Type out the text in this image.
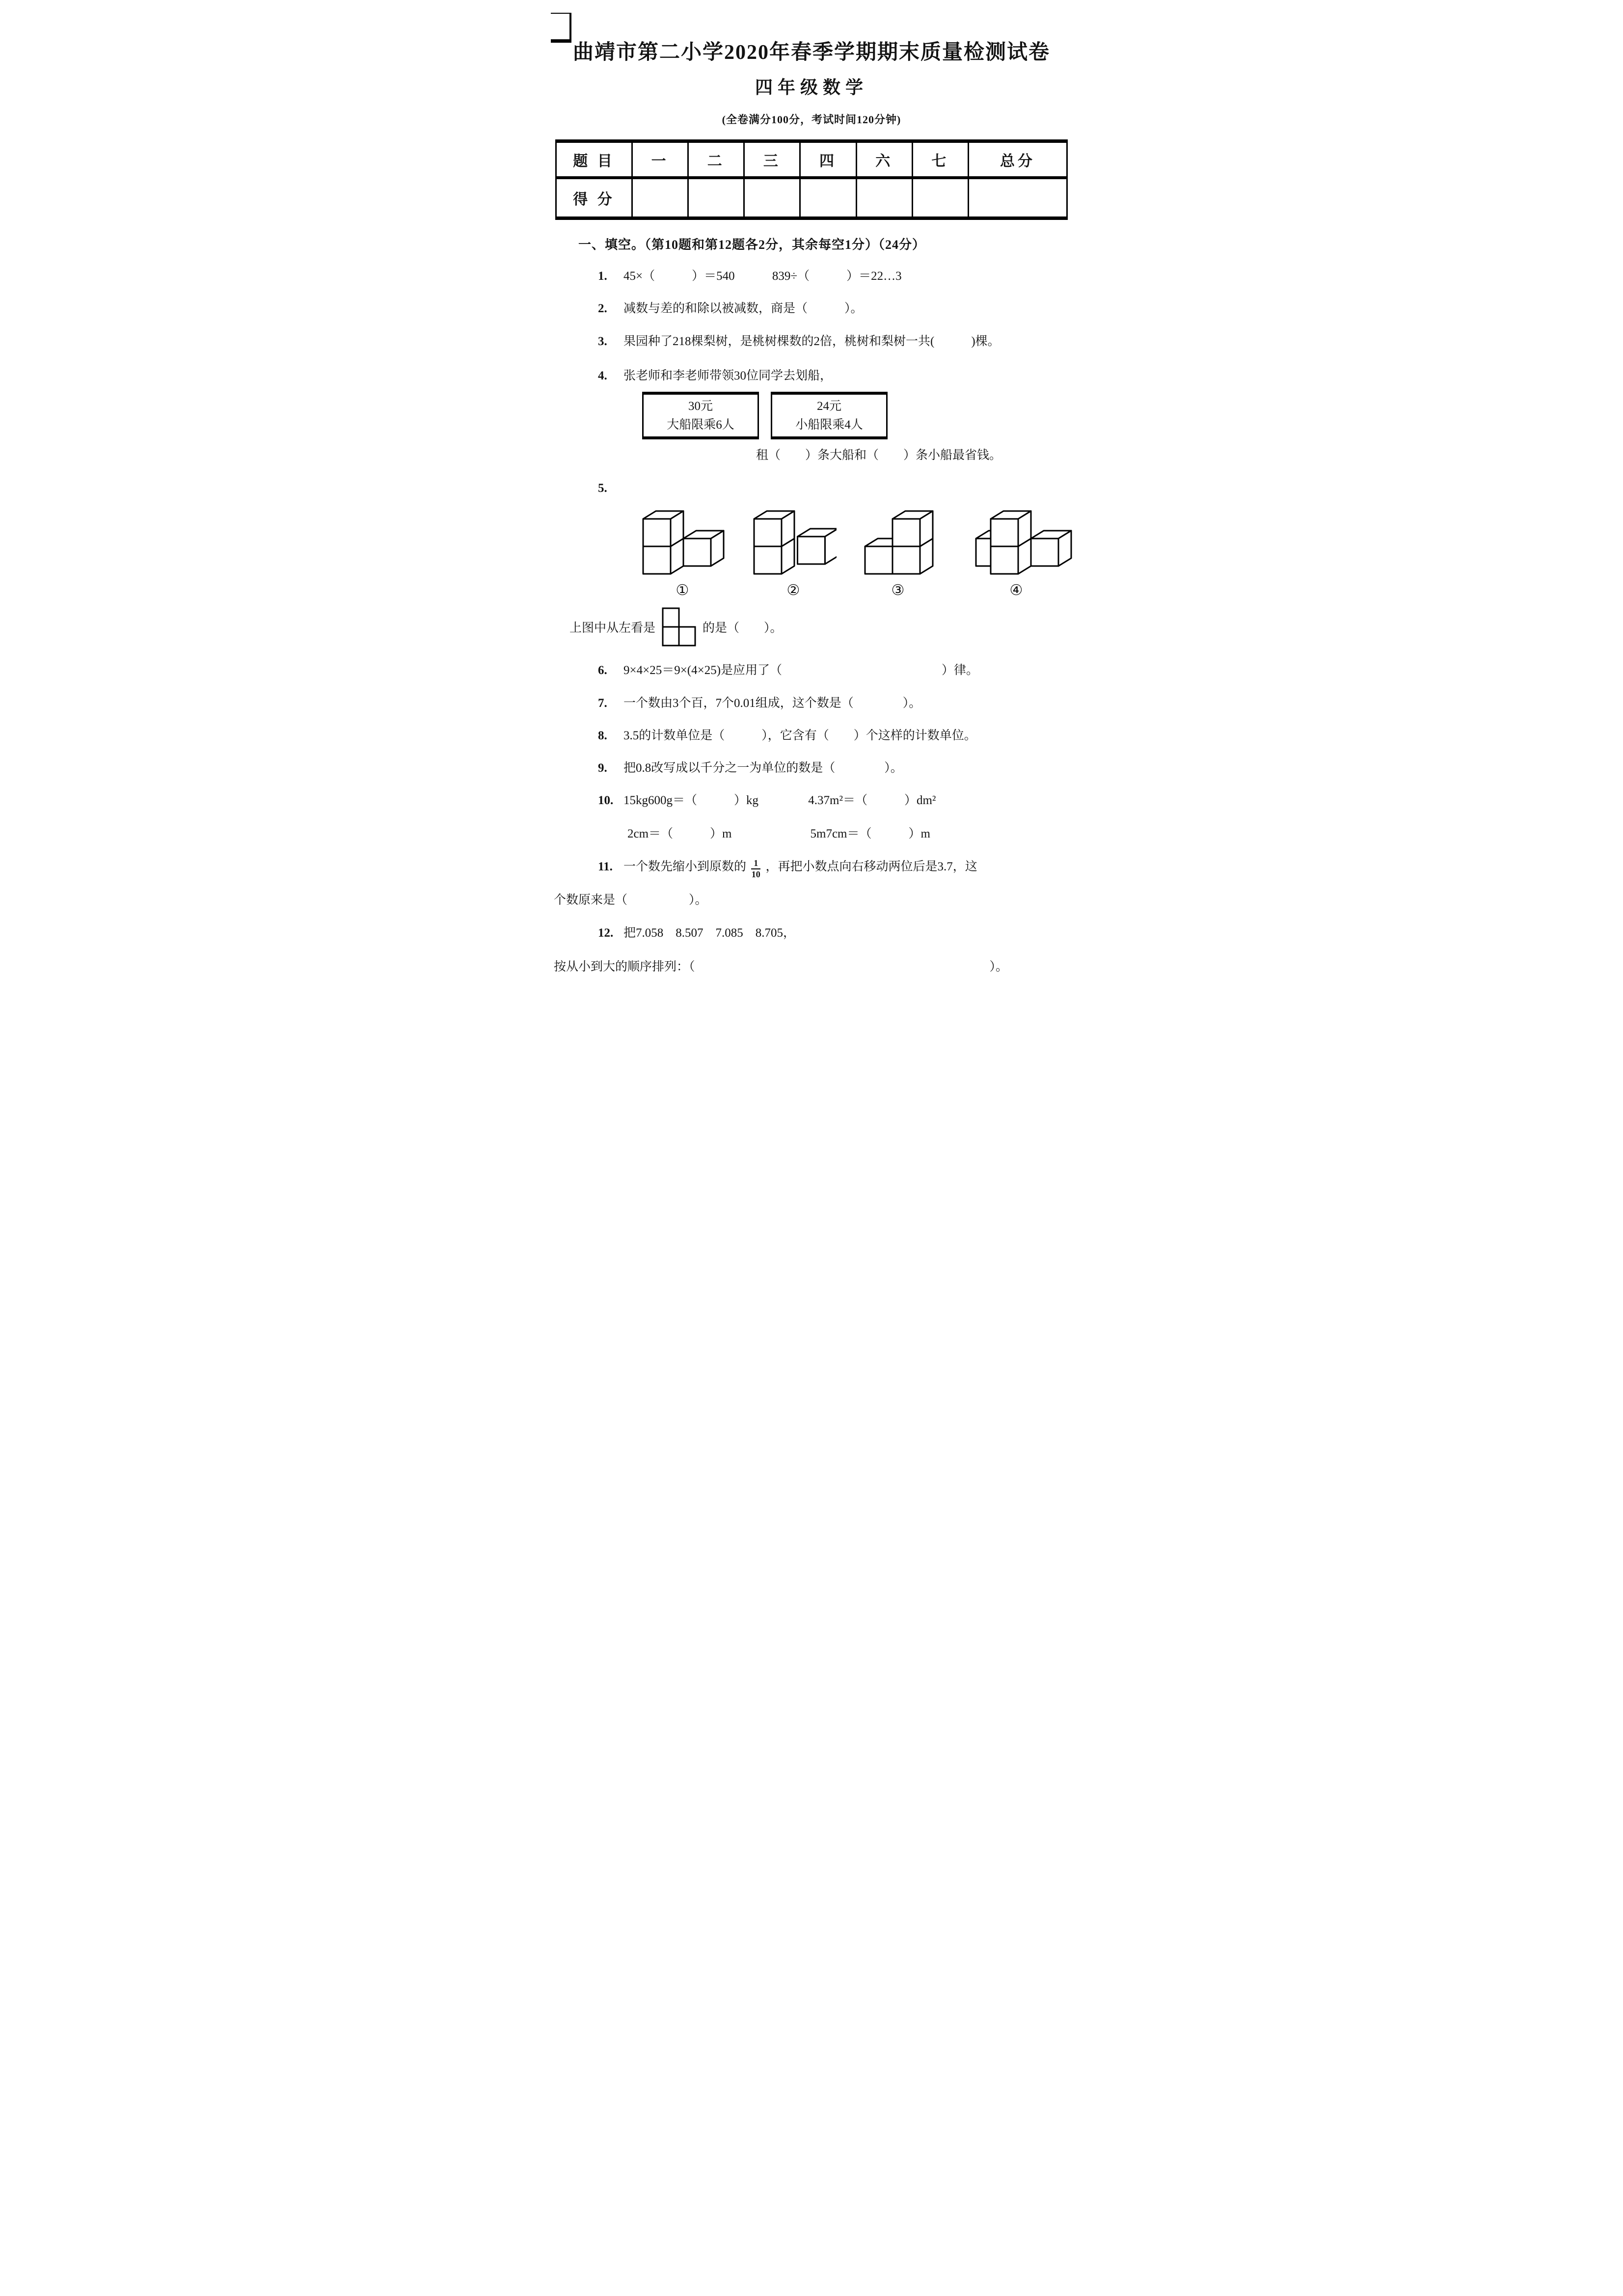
曲靖市第二小学2020年春季学期期末质量检测试卷
四年级数学
(全卷满分100分，考试时间120分钟)
题 目	一	二	三	四	六	七	总分
得 分							
一、填空。（第10题和第12题各2分，其余每空1分）（24分）
1.	45×（　　　）＝540	839÷（　　　）＝22…3
2.	减数与差的和除以被减数，商是（　　　）。
3.	果园种了218棵梨树，是桃树棵数的2倍，桃树和梨树一共(　　　)棵。
4.	张老师和李老师带领30位同学去划船，
30元
大船限乘6人
24元
小船限乘4人
租（　　）条大船和（　　）条小船最省钱。
5.
①	②	③	④
上图中从左看是	的是（　　）。
6.	9×4×25＝9×(4×25)是应用了（　　　　　　　　　　　　　）律。
7.	一个数由3个百，7个0.01组成，这个数是（　　　　）。
8.	3.5的计数单位是（　　　），它含有（　　）个这样的计数单位。
9.	把0.8改写成以千分之一为单位的数是（　　　　）。
10. 15kg600g＝（　　　）kg	4.37m²＝（　　　）dm²
2cm＝（　　　）m	5m7cm＝（　　　）m
11. 一个数先缩小到原数的 $\frac{1}{10}$ ，再把小数点向右移动两位后是3.7，这
个数原来是（　　　　　）。
12. 把7.058　8.507　7.085　8.705，
按从小到大的顺序排列：（　　　　　　　　　　　　　　　　　　　　　　　　）。
